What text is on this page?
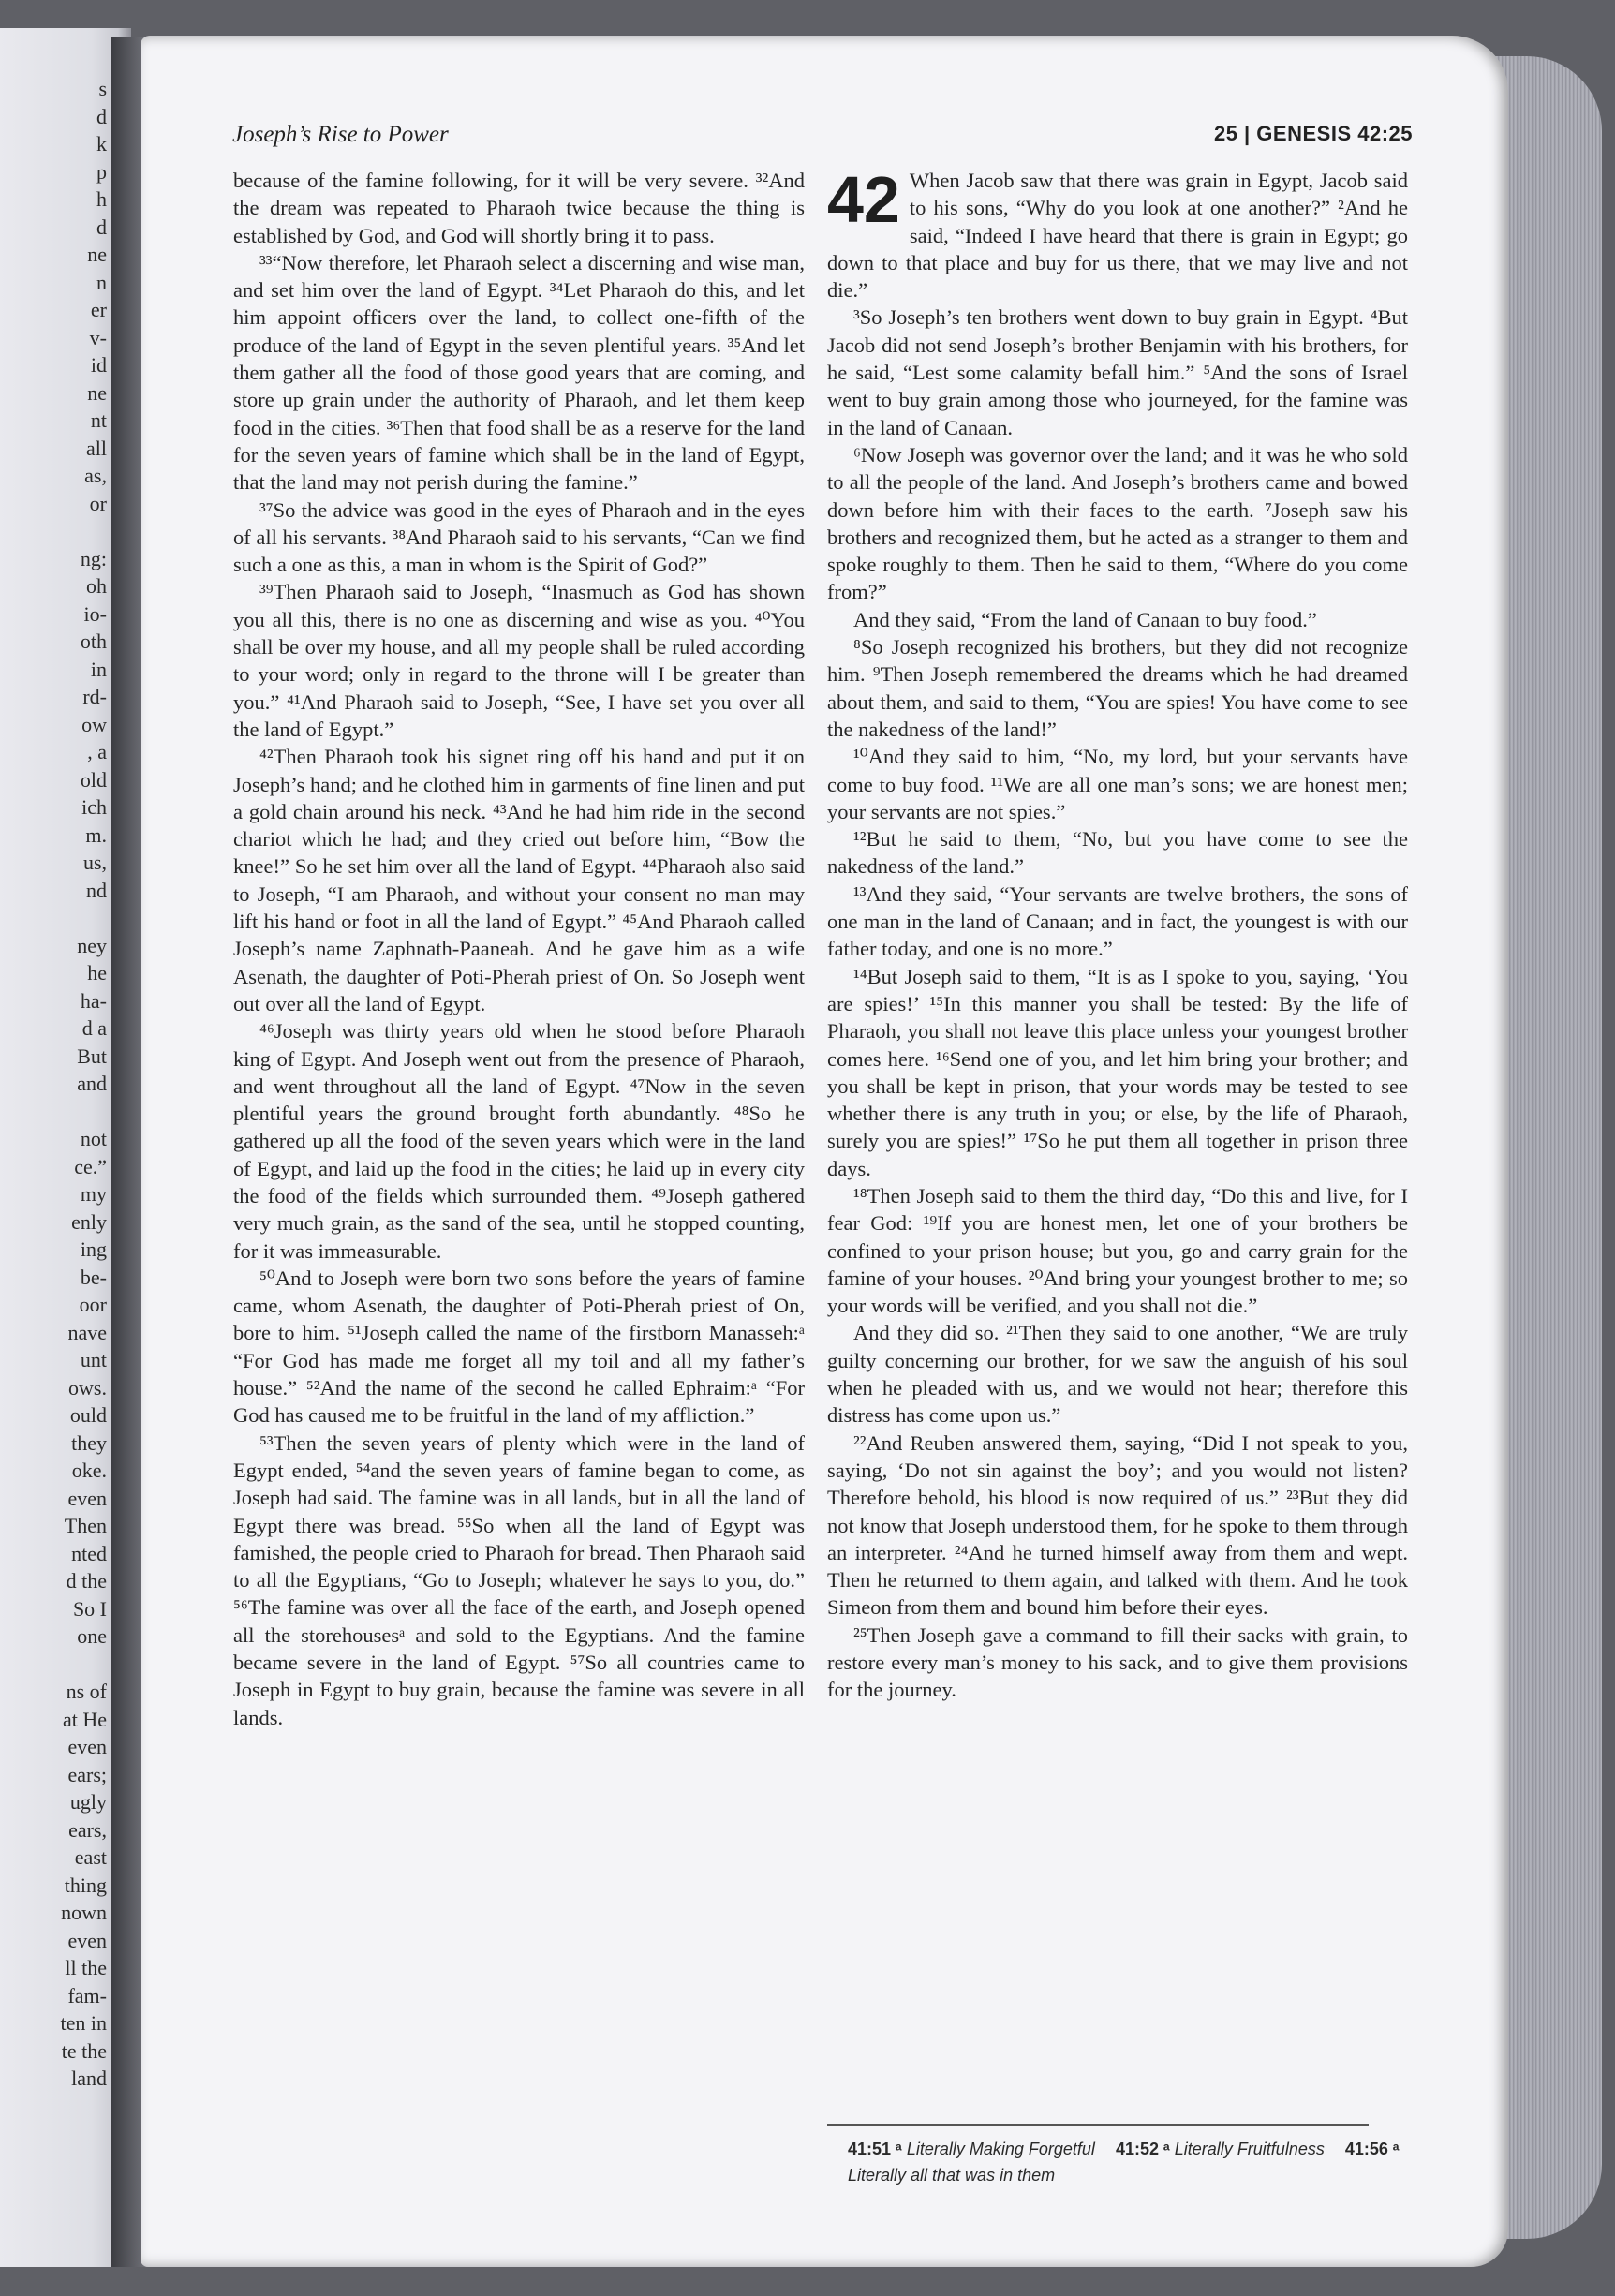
s
d
k
p
h
d
ne
n
er
v-
id
ne
nt
all
as,
or
ng:
oh
io-
oth
in
rd-
ow
, a
old
ich
m.
us,
nd
ney
he
ha-
d a
But
and
not
ce.”
my
enly
ing
be-
oor
nave
unt
ows.
ould
they
oke.
even
Then
nted
d the
So I
one
ns of
at He
even
ears;
ugly
ears,
east
thing
nown
even
ll the
fam-
ten in
te the
land
Joseph’s Rise to Power	25 | GENESIS 42:25

because of the famine following, for it will be very severe. ³²And the dream was repeated to Pharaoh twice because the thing is established by God, and God will shortly bring it to pass.

³³“Now therefore, let Pharaoh select a discerning and wise man, and set him over the land of Egypt. ³⁴Let Pharaoh do this, and let him appoint officers over the land, to collect one-fifth of the produce of the land of Egypt in the seven plentiful years. ³⁵And let them gather all the food of those good years that are coming, and store up grain under the authority of Pharaoh, and let them keep food in the cities. ³⁶Then that food shall be as a reserve for the land for the seven years of famine which shall be in the land of Egypt, that the land may not perish during the famine.”

³⁷So the advice was good in the eyes of Pharaoh and in the eyes of all his servants. ³⁸And Pharaoh said to his servants, “Can we find such a one as this, a man in whom is the Spirit of God?”

³⁹Then Pharaoh said to Joseph, “Inasmuch as God has shown you all this, there is no one as discerning and wise as you. ⁴⁰You shall be over my house, and all my people shall be ruled according to your word; only in regard to the throne will I be greater than you.” ⁴¹And Pharaoh said to Joseph, “See, I have set you over all the land of Egypt.”

⁴²Then Pharaoh took his signet ring off his hand and put it on Joseph’s hand; and he clothed him in garments of fine linen and put a gold chain around his neck. ⁴³And he had him ride in the second chariot which he had; and they cried out before him, “Bow the knee!” So he set him over all the land of Egypt. ⁴⁴Pharaoh also said to Joseph, “I am Pharaoh, and without your consent no man may lift his hand or foot in all the land of Egypt.” ⁴⁵And Pharaoh called Joseph’s name Zaphnath-Paaneah. And he gave him as a wife Asenath, the daughter of Poti-Pherah priest of On. So Joseph went out over all the land of Egypt.

⁴⁶Joseph was thirty years old when he stood before Pharaoh king of Egypt. And Joseph went out from the presence of Pharaoh, and went throughout all the land of Egypt. ⁴⁷Now in the seven plentiful years the ground brought forth abundantly. ⁴⁸So he gathered up all the food of the seven years which were in the land of Egypt, and laid up the food in the cities; he laid up in every city the food of the fields which surrounded them. ⁴⁹Joseph gathered very much grain, as the sand of the sea, until he stopped counting, for it was immeasurable.

⁵⁰And to Joseph were born two sons before the years of famine came, whom Asenath, the daughter of Poti-Pherah priest of On, bore to him. ⁵¹Joseph called the name of the firstborn Manasseh:ᵃ “For God has made me forget all my toil and all my father’s house.” ⁵²And the name of the second he called Ephraim:ᵃ “For God has caused me to be fruitful in the land of my affliction.”

⁵³Then the seven years of plenty which were in the land of Egypt ended, ⁵⁴and the seven years of famine began to come, as Joseph had said. The famine was in all lands, but in all the land of Egypt there was bread. ⁵⁵So when all the land of Egypt was famished, the people cried to Pharaoh for bread. Then Pharaoh said to all the Egyptians, “Go to Joseph; whatever he says to you, do.” ⁵⁶The famine was over all the face of the earth, and Joseph opened all the storehousesᵃ and sold to the Egyptians. And the famine became severe in the land of Egypt. ⁵⁷So all countries came to Joseph in Egypt to buy grain, because the famine was severe in all lands.

42 When Jacob saw that there was grain in Egypt, Jacob said to his sons, “Why do you look at one another?” ²And he said, “Indeed I have heard that there is grain in Egypt; go down to that place and buy for us there, that we may live and not die.”

³So Joseph’s ten brothers went down to buy grain in Egypt. ⁴But Jacob did not send Joseph’s brother Benjamin with his brothers, for he said, “Lest some calamity befall him.” ⁵And the sons of Israel went to buy grain among those who journeyed, for the famine was in the land of Canaan.

⁶Now Joseph was governor over the land; and it was he who sold to all the people of the land. And Joseph’s brothers came and bowed down before him with their faces to the earth. ⁷Joseph saw his brothers and recognized them, but he acted as a stranger to them and spoke roughly to them. Then he said to them, “Where do you come from?”

And they said, “From the land of Canaan to buy food.”

⁸So Joseph recognized his brothers, but they did not recognize him. ⁹Then Joseph remembered the dreams which he had dreamed about them, and said to them, “You are spies! You have come to see the nakedness of the land!”

¹⁰And they said to him, “No, my lord, but your servants have come to buy food. ¹¹We are all one man’s sons; we are honest men; your servants are not spies.”

¹²But he said to them, “No, but you have come to see the nakedness of the land.”

¹³And they said, “Your servants are twelve brothers, the sons of one man in the land of Canaan; and in fact, the youngest is with our father today, and one is no more.”

¹⁴But Joseph said to them, “It is as I spoke to you, saying, ‘You are spies!’ ¹⁵In this manner you shall be tested: By the life of Pharaoh, you shall not leave this place unless your youngest brother comes here. ¹⁶Send one of you, and let him bring your brother; and you shall be kept in prison, that your words may be tested to see whether there is any truth in you; or else, by the life of Pharaoh, surely you are spies!” ¹⁷So he put them all together in prison three days.

¹⁸Then Joseph said to them the third day, “Do this and live, for I fear God: ¹⁹If you are honest men, let one of your brothers be confined to your prison house; but you, go and carry grain for the famine of your houses. ²⁰And bring your youngest brother to me; so your words will be verified, and you shall not die.”

And they did so. ²¹Then they said to one another, “We are truly guilty concerning our brother, for we saw the anguish of his soul when he pleaded with us, and we would not hear; therefore this distress has come upon us.”

²²And Reuben answered them, saying, “Did I not speak to you, saying, ‘Do not sin against the boy’; and you would not listen? Therefore behold, his blood is now required of us.” ²³But they did not know that Joseph understood them, for he spoke to them through an interpreter. ²⁴And he turned himself away from them and wept. Then he returned to them again, and talked with them. And he took Simeon from them and bound him before their eyes.

²⁵Then Joseph gave a command to fill their sacks with grain, to restore every man’s money to his sack, and to give them provisions for the journey.

41:51 ᵃ Literally Making Forgetful 41:52 ᵃ Literally Fruitfulness 41:56 ᵃ Literally all that was in them
